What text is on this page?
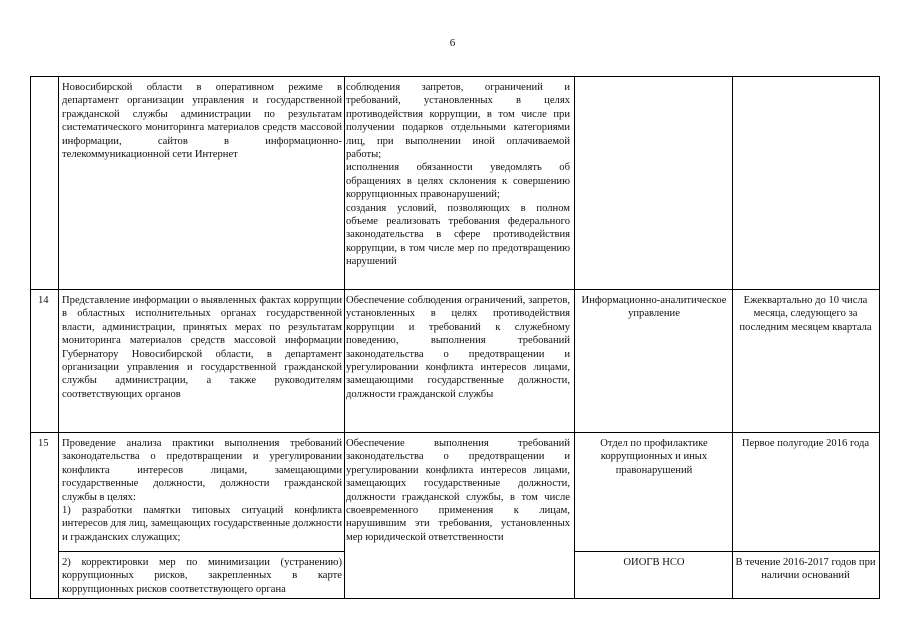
6

Новосибирской области в оперативном режиме в департамент организации управления и государственной гражданской службы администрации по результатам систематического мониторинга материалов средств массовой информации, сайтов в информационно-телекоммуникационной сети Интернет

соблюдения запретов, ограничений и требований, установленных в целях противодействия коррупции, в том числе при получении подарков отдельными категориями лиц, при выполнении иной оплачиваемой работы;

исполнения обязанности уведомлять об обращениях в целях склонения к совершению коррупционных правонарушений;

создания условий, позволяющих в полном объеме реализовать требования федерального законодательства в сфере противодействия коррупции, в том числе мер по предотвращению нарушений

14 Представление информации о выявленных фактах коррупции в областных исполнительных органах государственной власти, администрации, принятых мерах по результатам мониторинга материалов средств массовой информации Губернатору Новосибирской области, в департамент организации управления и государственной гражданской службы администрации, а также руководителям соответствующих органов

Обеспечение соблюдения ограничений, запретов, установленных в целях противодействия коррупции и требований к служебному поведению, выполнения требований законодательства о предотвращении и урегулировании конфликта интересов лицами, замещающими государственные должности, должности гражданской службы

Информационно-аналитическое управление
Ежеквартально до 10 числа месяца, следующего за последним месяцем квартала
15 Проведение анализа практики выполнения требований законодательства о предотвращении и урегулировании конфликта интересов лицами, замещающими государственные должности, должности гражданской службы в целях:

1) разработки памятки типовых ситуаций конфликта интересов для лиц, замещающих государственные должности и гражданских служащих;

Обеспечение выполнения требований законодательства о предотвращении и урегулировании конфликта интересов лицами, замещающих государственные должности, должности гражданской службы, в том числе своевременного применения к лицам, нарушившим эти требования, установленных мер юридической ответственности

Отдел по профилактике коррупционных и иных правонарушений
Первое полугодие 2016 года

2) корректировки мер по минимизации (устранению) коррупционных рисков, закрепленных в карте коррупционных рисков соответствующего органа

ОИОГВ НСО	В течение 2016-2017 годов при наличии оснований
